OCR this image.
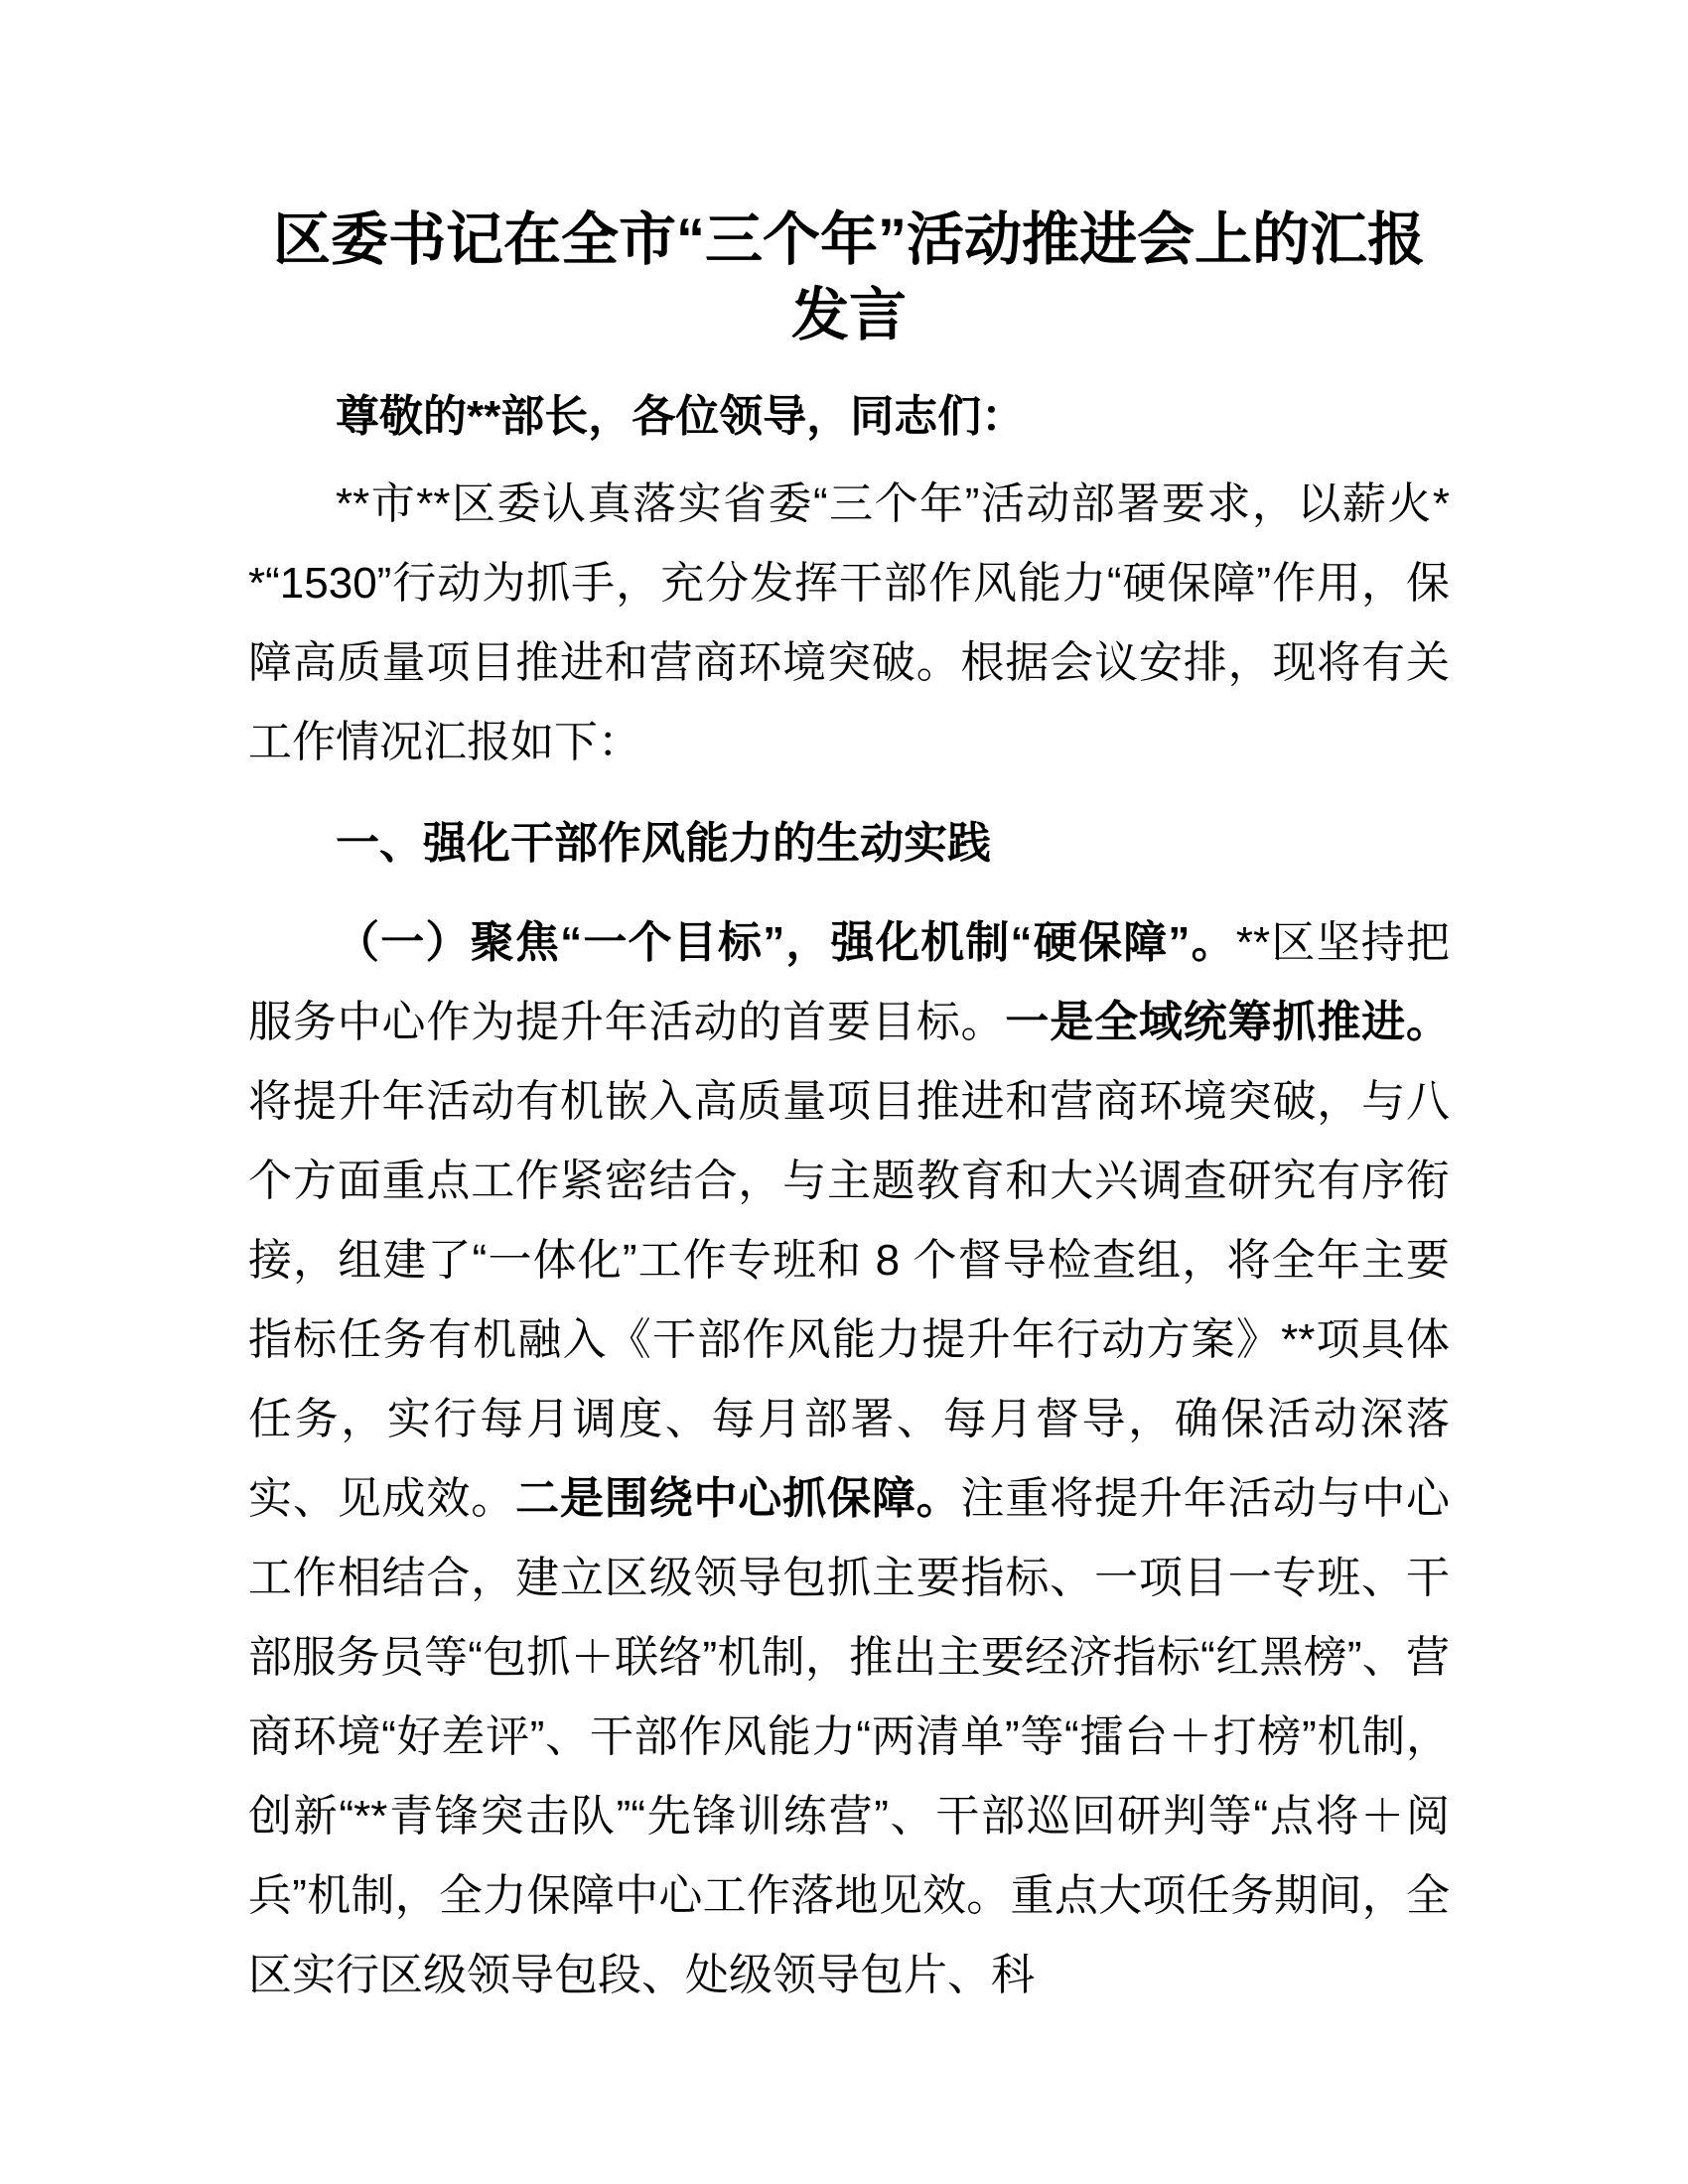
区委书记在全市“三个年”活动推进会上的汇报发言

尊敬的**部长，各位领导，同志们：

**市**区委认真落实省委“三个年”活动部署要求，以薪火**“1530”行动为抓手，充分发挥干部作风能力“硬保障”作用，保障高质量项目推进和营商环境突破。根据会议安排，现将有关工作情况汇报如下：

一、强化干部作风能力的生动实践

（一）聚焦“一个目标”，强化机制“硬保障”。**区坚持把服务中心作为提升年活动的首要目标。一是全域统筹抓推进。将提升年活动有机嵌入高质量项目推进和营商环境突破，与八个方面重点工作紧密结合，与主题教育和大兴调查研究有序衔接，组建了“一体化”工作专班和 8 个督导检查组，将全年主要指标任务有机融入《干部作风能力提升年行动方案》**项具体任务，实行每月调度、每月部署、每月督导，确保活动深落实、见成效。二是围绕中心抓保障。注重将提升年活动与中心工作相结合，建立区级领导包抓主要指标、一项目一专班、干部服务员等“包抓＋联络”机制，推出主要经济指标“红黑榜”、营商环境“好差评”、干部作风能力“两清单”等“擂台＋打榜”机制，创新“**青锋突击队”“先锋训练营”、干部巡回研判等“点将＋阅兵”机制，全力保障中心工作落地见效。重点大项任务期间，全区实行区级领导包段、处级领导包片、科
